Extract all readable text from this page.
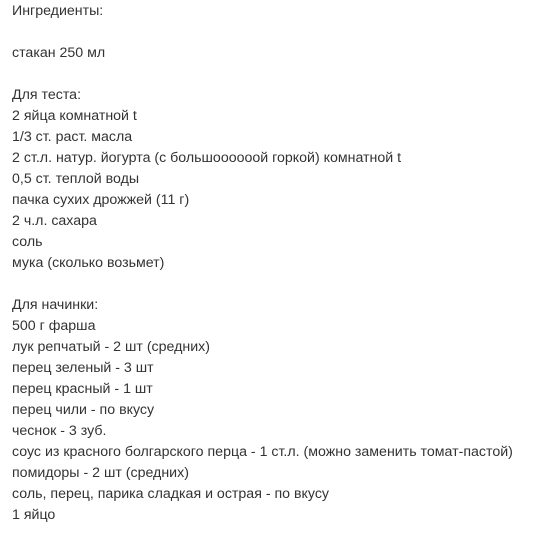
Ингредиенты:
стакан 250 мл
Для теста:
2 яйца комнатной t
1/3 ст. раст. масла
2 ст.л. натур. йогурта (с большоооооой горкой) комнатной t
0,5 ст. теплой воды
пачка сухих дрожжей (11 г)
2 ч.л. сахара
соль
мука (сколько возьмет)
Для начинки:
500 г фарша
лук репчатый - 2 шт (средних)
перец зеленый - 3 шт
перец красный - 1 шт
перец чили - по вкусу
чеснок - 3 зуб.
соус из красного болгарского перца - 1 ст.л. (можно заменить томат-пастой)
помидоры - 2 шт (средних)
соль, перец, парика сладкая и острая - по вкусу
1 яйцо
